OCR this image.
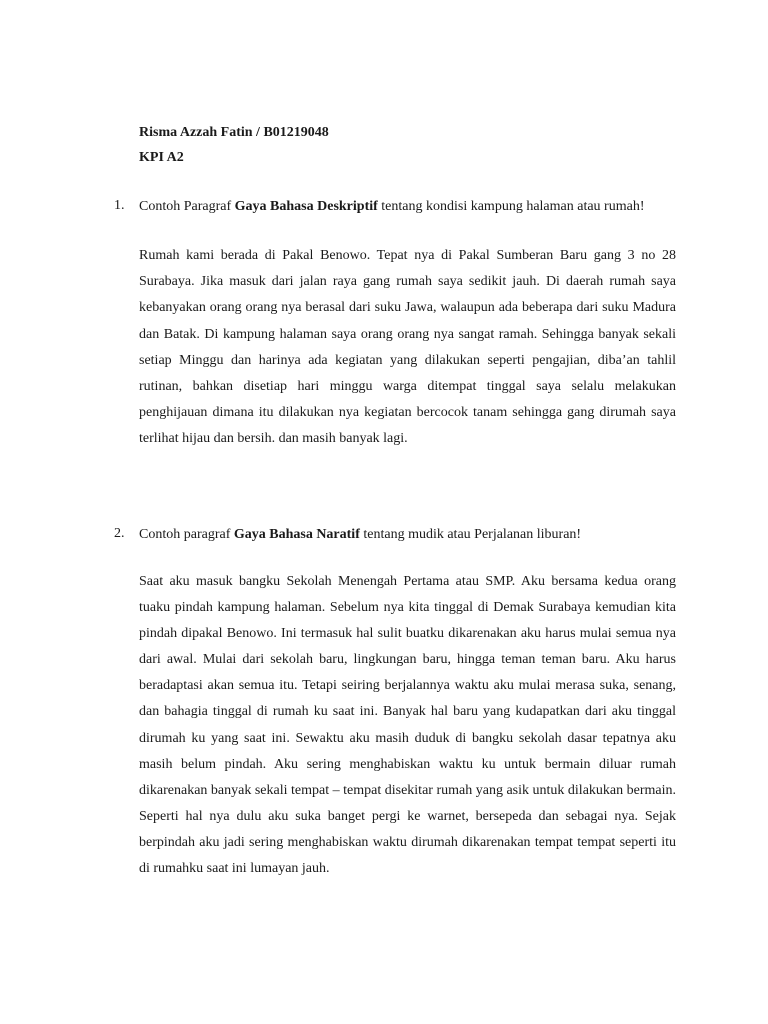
Risma Azzah Fatin / B01219048
KPI A2
1.	Contoh Paragraf Gaya Bahasa Deskriptif tentang kondisi kampung halaman atau rumah!
Rumah kami berada di Pakal Benowo. Tepat nya di Pakal Sumberan Baru gang 3 no 28 Surabaya. Jika masuk dari jalan raya gang rumah saya sedikit jauh. Di daerah rumah saya kebanyakan orang orang nya berasal dari suku Jawa, walaupun ada beberapa dari suku Madura dan Batak. Di kampung halaman saya orang orang nya sangat ramah. Sehingga banyak sekali setiap Minggu dan harinya ada kegiatan yang dilakukan seperti pengajian, diba’an tahlil rutinan, bahkan disetiap hari minggu warga ditempat tinggal saya selalu melakukan penghijauan dimana itu dilakukan nya kegiatan bercocok tanam sehingga gang dirumah saya terlihat hijau dan bersih. dan masih banyak lagi.
2.	Contoh paragraf Gaya Bahasa Naratif tentang mudik atau Perjalanan liburan!
Saat aku masuk bangku Sekolah Menengah Pertama atau SMP. Aku bersama kedua orang tuaku pindah kampung halaman. Sebelum nya kita tinggal di Demak Surabaya kemudian kita pindah dipakal Benowo. Ini termasuk hal sulit buatku dikarenakan aku harus mulai semua nya dari awal. Mulai dari sekolah baru, lingkungan baru, hingga teman teman baru. Aku harus beradaptasi akan semua itu. Tetapi seiring berjalannya waktu aku mulai merasa suka, senang, dan bahagia tinggal di rumah ku saat ini. Banyak hal baru yang kudapatkan dari aku tinggal dirumah ku yang saat ini. Sewaktu aku masih duduk di bangku sekolah dasar tepatnya aku masih belum pindah. Aku sering menghabiskan waktu ku untuk bermain diluar rumah dikarenakan banyak sekali tempat – tempat disekitar rumah yang asik untuk dilakukan bermain. Seperti hal nya dulu aku suka banget pergi ke warnet, bersepeda dan sebagai nya. Sejak berpindah aku jadi sering menghabiskan waktu dirumah dikarenakan tempat tempat seperti itu di rumahku saat ini lumayan jauh.
